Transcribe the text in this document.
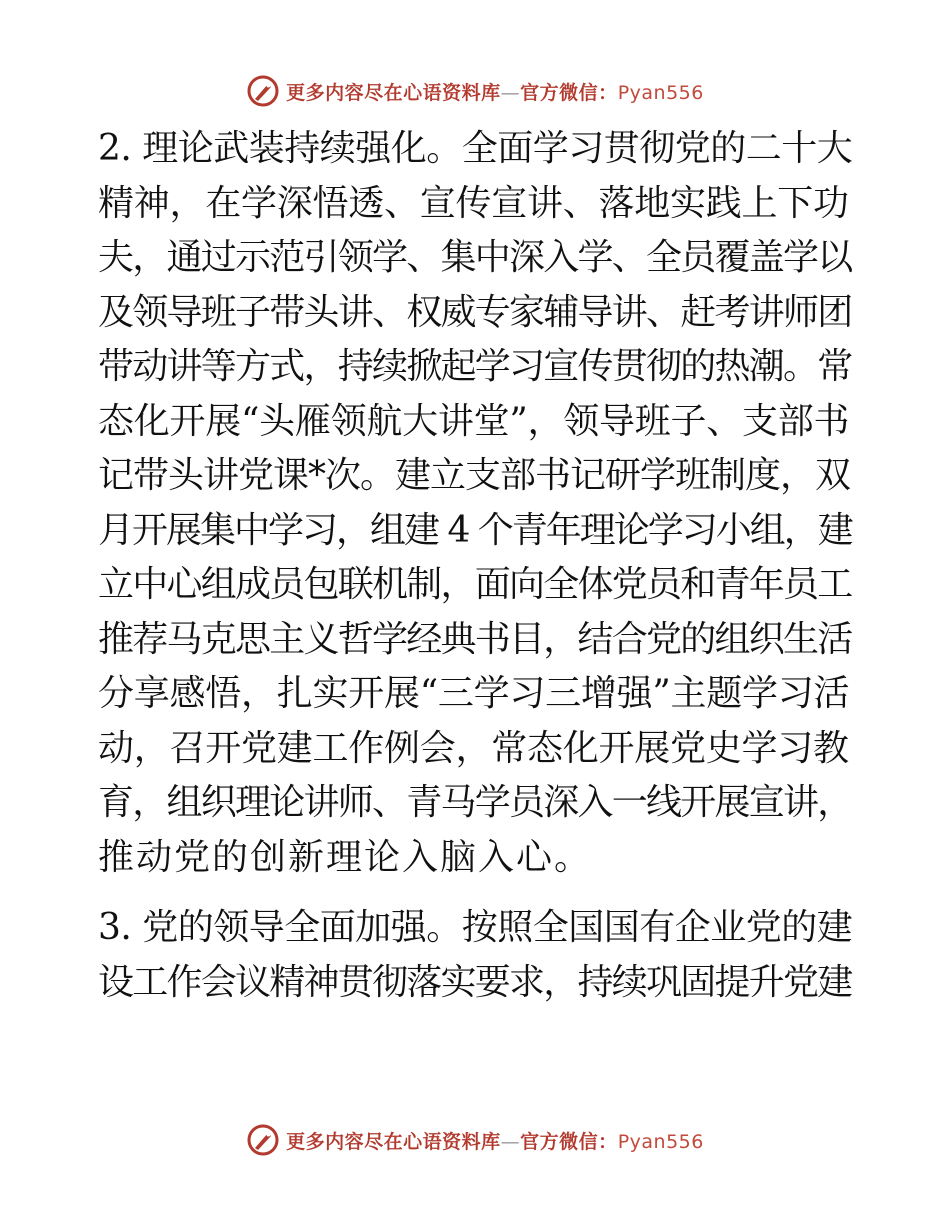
更多内容尽在心语资料库—官方微信：Pyan556

2. 理论武装持续强化。全面学习贯彻党的二十大
精神，在学深悟透、宣传宣讲、落地实践上下功
夫，通过示范引领学、集中深入学、全员覆盖学以
及领导班子带头讲、权威专家辅导讲、赶考讲师团
带动讲等方式，持续掀起学习宣传贯彻的热潮。常
态化开展“头雁领航大讲堂”，领导班子、支部书
记带头讲党课*次。建立支部书记研学班制度，双
月开展集中学习，组建 4 个青年理论学习小组，建
立中心组成员包联机制，面向全体党员和青年员工
推荐马克思主义哲学经典书目，结合党的组织生活
分享感悟，扎实开展“三学习三增强”主题学习活
动，召开党建工作例会，常态化开展党史学习教
育，组织理论讲师、青马学员深入一线开展宣讲，
推动党的创新理论入脑入心。

3. 党的领导全面加强。按照全国国有企业党的建
设工作会议精神贯彻落实要求，持续巩固提升党建

更多内容尽在心语资料库—官方微信：Pyan556
